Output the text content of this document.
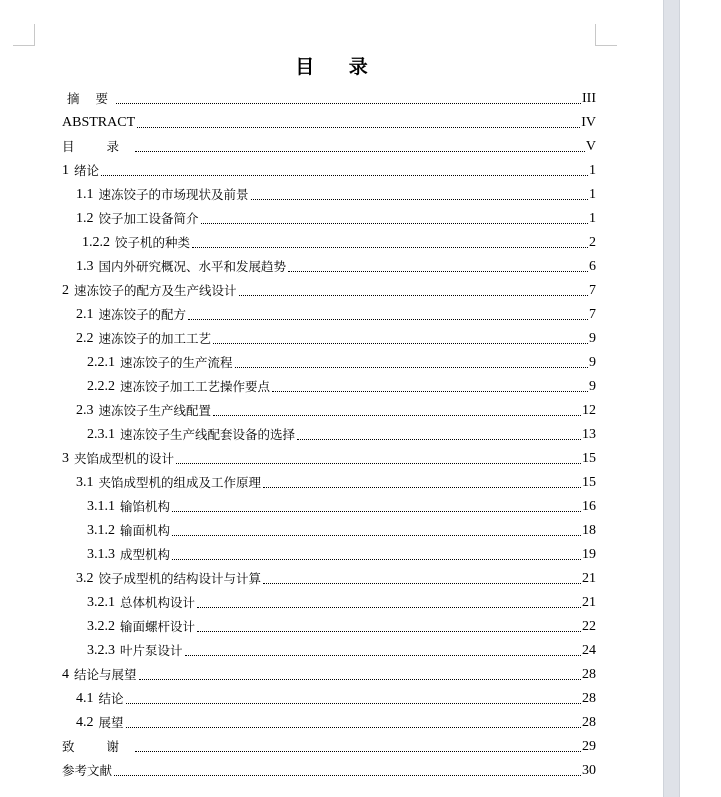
目 录
摘 要	III
ABSTRACT	IV
目 录	V
1 绪论	1
1.1 速冻饺子的市场现状及前景	1
1.2 饺子加工设备简介	1
1.2.2 饺子机的种类	2
1.3 国内外研究概况、水平和发展趋势	6
2 速冻饺子的配方及生产线设计	7
2.1 速冻饺子的配方	7
2.2 速冻饺子的加工工艺	9
2.2.1 速冻饺子的生产流程	9
2.2.2 速冻饺子加工工艺操作要点	9
2.3 速冻饺子生产线配置	12
2.3.1 速冻饺子生产线配套设备的选择	13
3 夹馅成型机的设计	15
3.1 夹馅成型机的组成及工作原理	15
3.1.1 输馅机构	16
3.1.2 输面机构	18
3.1.3 成型机构	19
3.2 饺子成型机的结构设计与计算	21
3.2.1 总体机构设计	21
3.2.2 输面螺杆设计	22
3.2.3 叶片泵设计	24
4 结论与展望	28
4.1 结论	28
4.2 展望	28
致 谢	29
参考文献	30
